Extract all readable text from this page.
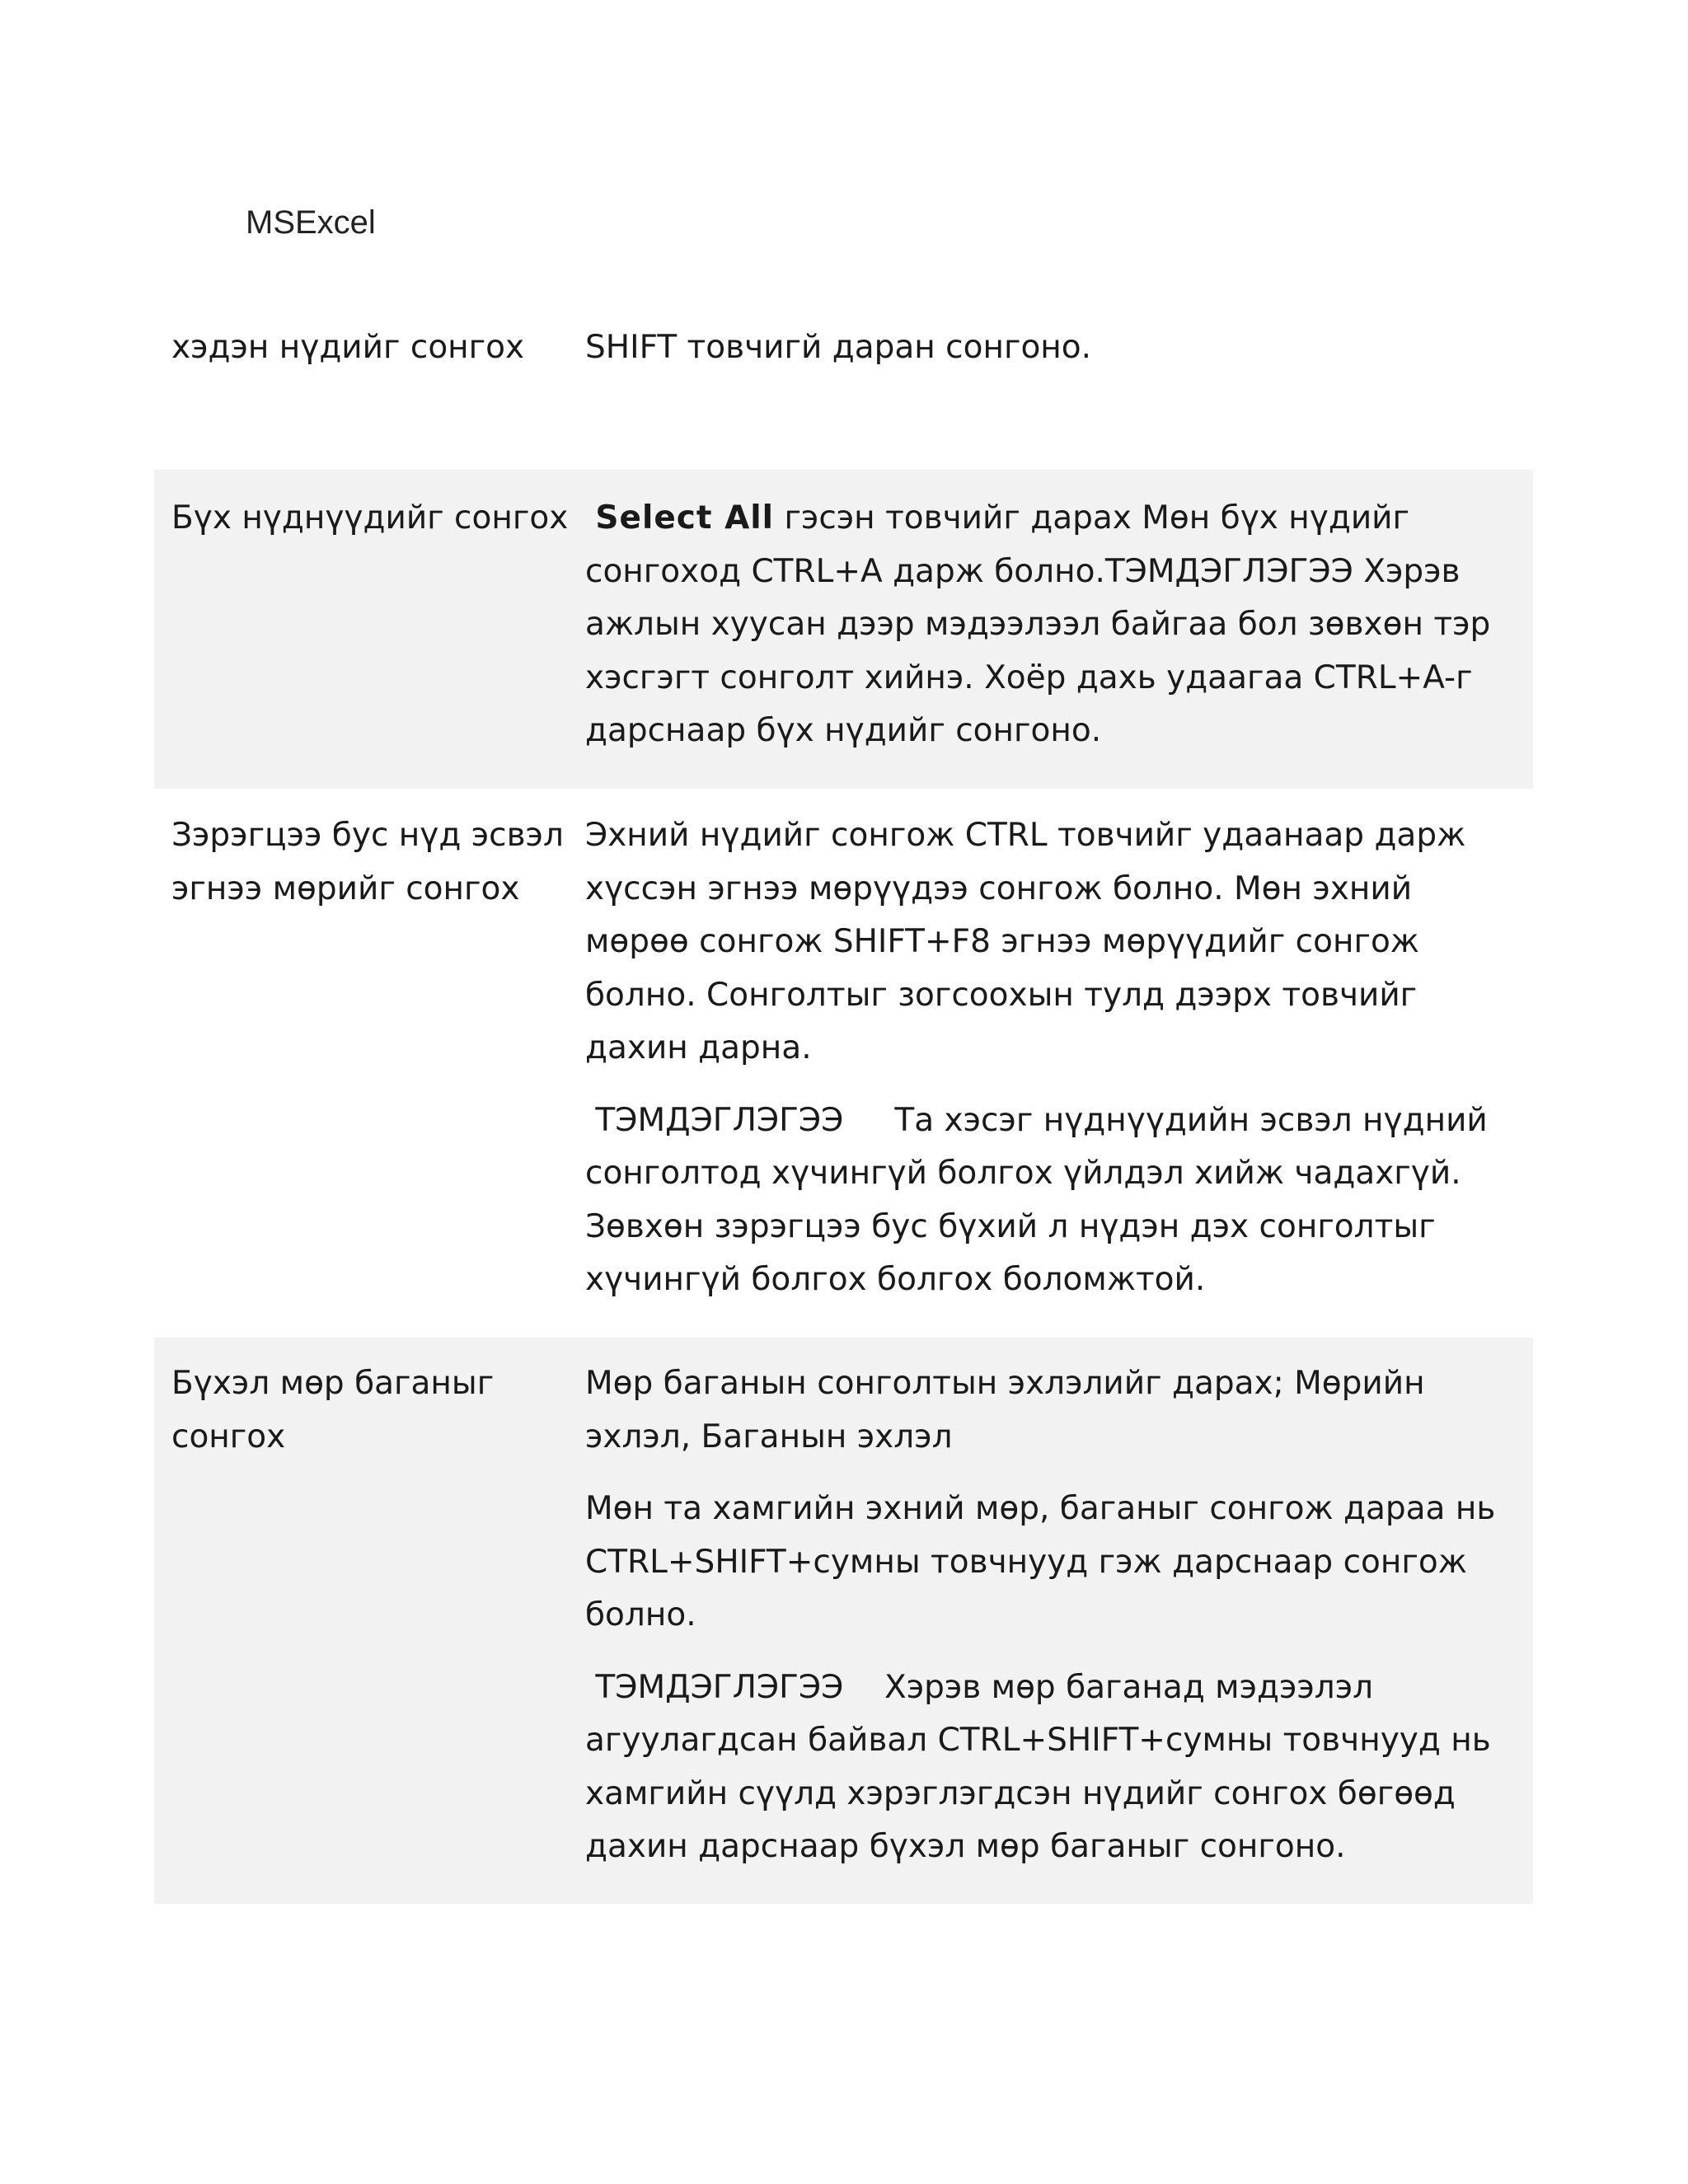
MSExcel
хэдэн нүдийг сонгох	SHIFT товчигй даран сонгоно.

Бүх нүднүүдийг сонгох Select All гэсэн товчийг дарах Мөн бүх нүдийг сонгоход CTRL+A дарж болно.ТЭМДЭГЛЭГЭЭ Хэрэв ажлын хуусан дээр мэдээлээл байгаа бол зөвхөн тэр хэсгэгт сонголт хийнэ. Хоёр дахь удаагаа CTRL+A-г дарснаар бүх нүдийг сонгоно.

Зэрэгцээ бус нүд эсвэл эгнээ мөрийг сонгох

Эхний нүдийг сонгож CTRL товчийг удаанаар дарж хүссэн эгнээ мөрүүдээ сонгож болно. Мөн эхний мөрөө сонгож SHIFT+F8 эгнээ мөрүүдийг сонгож болно. Сонголтыг зогсоохын тулд дээрх товчийг дахин дарна.

ТЭМДЭГЛЭГЭЭ     Та хэсэг нүднүүдийн эсвэл нүдний сонголтод хүчингүй болгох үйлдэл хийж чадахгүй. Зөвхөн зэрэгцээ бус бүхий л нүдэн дэх сонголтыг хүчингүй болгох болгох боломжтой.

Бүхэл мөр баганыг сонгох

Мөр баганын сонголтын эхлэлийг дарах; Мөрийн эхлэл, Баганын эхлэл

Мөн та хамгийн эхний мөр, баганыг сонгож дараа нь CTRL+SHIFT+сумны товчнууд гэж дарснаар сонгож болно.

ТЭМДЭГЛЭГЭЭ    Хэрэв мөр баганад мэдээлэл агуулагдсан байвал CTRL+SHIFT+сумны товчнууд нь хамгийн сүүлд хэрэглэгдсэн нүдийг сонгох бөгөөд дахин дарснаар бүхэл мөр баганыг сонгоно.
